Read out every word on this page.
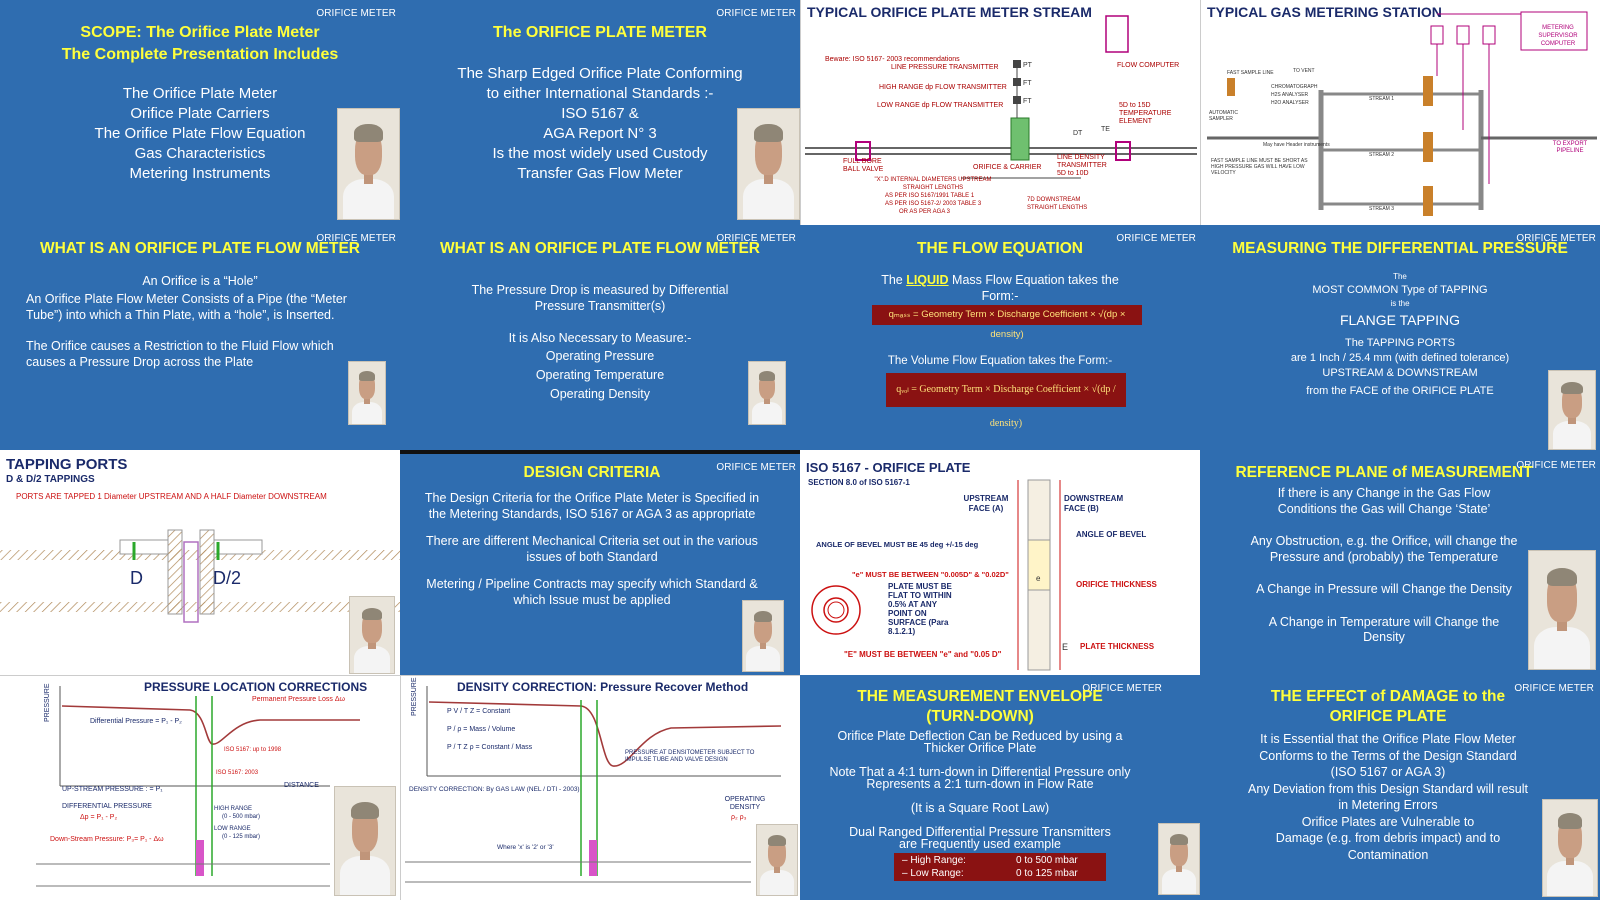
ORIFICE METER
SCOPE: The Orifice Plate Meter
The Complete Presentation Includes
The Orifice Plate Meter
Orifice Plate Carriers
The Orifice Plate Flow Equation
Gas Characteristics
Metering Instruments
ORIFICE METER
The ORIFICE PLATE METER
The Sharp Edged Orifice Plate Conforming
to either International Standards :-
ISO 5167 &
AGA Report N° 3
Is the most widely used Custody
Transfer Gas Flow Meter
TYPICAL ORIFICE PLATE METER STREAM
Beware: ISO 5167- 2003 recommendations
LINE PRESSURE TRANSMITTER
HIGH RANGE dp FLOW TRANSMITTER
LOW RANGE dp FLOW TRANSMITTER
PT
FT
FT
DT
TE
FLOW COMPUTER
5D to 15D TEMPERATURE ELEMENT
FULL BORE BALL VALVE	ORIFICE & CARRIER
LINE DENSITY TRANSMITTER 5D to 10D
"X".D INTERNAL DIAMETERS UPSTREAM STRAIGHT LENGTHS
AS PER ISO 5167/1991 TABLE 1
AS PER ISO 5167-2/ 2003 TABLE 3
OR AS PER AGA 3
7D DOWNSTREAM STRAIGHT LENGTHS
TYPICAL GAS METERING STATION
METERING SUPERVISOR COMPUTER
FAST SAMPLE LINE	TO VENT
CHROMATOGRAPH
H2S ANALYSER
H2O ANALYSER
AUTOMATIC SAMPLER
STREAM 1
STREAM 2
STREAM 3
TO EXPORT PIPELINE
FAST SAMPLE LINE MUST BE SHORT AS HIGH PRESSURE GAS WILL HAVE LOW VELOCITY
May have Header instruments
ORIFICE METER
WHAT IS AN ORIFICE PLATE FLOW METER
An Orifice is a “Hole”
An Orifice Plate Flow Meter Consists of a Pipe (the “Meter
Tube”) into which a Thin Plate, with a “hole”, is Inserted.
The Orifice causes a Restriction to the Fluid Flow which
causes a Pressure Drop across the Plate
ORIFICE METER
WHAT IS AN ORIFICE PLATE FLOW METER
The Pressure Drop is measured by Differential
Pressure Transmitter(s)
It is Also Necessary to Measure:-
Operating Pressure
Operating Temperature
Operating Density
ORIFICE METER
THE FLOW EQUATION
The LIQUID Mass Flow Equation takes the
Form:-
qₘₐₛₛ = Geometry Term × Discharge Coefficient × √(dp × density)
The Volume Flow Equation takes the Form:-
qᵥₒₗ = Geometry Term × Discharge Coefficient × √(dp / density)
ORIFICE METER
MEASURING THE DIFFERENTIAL PRESSURE
The
MOST COMMON Type of TAPPING
is the
FLANGE TAPPING
The TAPPING PORTS
are 1 Inch / 25.4 mm (with defined tolerance)
UPSTREAM & DOWNSTREAM
from the FACE of the ORIFICE PLATE
TAPPING PORTS
D & D/2 TAPPINGS
PORTS ARE TAPPED 1 Diameter UPSTREAM AND A HALF Diameter DOWNSTREAM
D	D/2
ORIFICE METER
DESIGN CRITERIA
The Design Criteria for the Orifice Plate Meter is Specified in
the Metering Standards, ISO 5167 or AGA 3 as appropriate
There are different Mechanical Criteria set out in the various
issues of both Standard
Metering / Pipeline Contracts may specify which Standard &
which Issue must be applied
ISO 5167 - ORIFICE PLATE
SECTION 8.0 of ISO 5167-1
UPSTREAM FACE (A)
DOWNSTREAM FACE (B)
ANGLE OF BEVEL MUST BE 45 deg +/-15 deg
ANGLE OF BEVEL
"e" MUST BE BETWEEN "0.005D" & "0.02D"
PLATE MUST BE FLAT TO WITHIN 0.5% AT ANY POINT ON SURFACE (Para 8.1.2.1)
ORIFICE THICKNESS
"E" MUST BE BETWEEN "e" and "0.05 D"
PLATE THICKNESS
e
E
ORIFICE METER
REFERENCE PLANE of MEASUREMENT
If there is any Change in the Gas Flow
Conditions the Gas will Change ‘State’
Any Obstruction, e.g. the Orifice, will change the
Pressure and (probably) the Temperature
A Change in Pressure will Change the Density
A Change in Temperature will Change the
Density
PRESSURE LOCATION CORRECTIONS
PRESSURE	Permanent Pressure Loss Δω
Differential Pressure = P₁ - P₂
ISO 5167: up to 1998
ISO 5167: 2003
DISTANCE
UP-STREAM PRESSURE : = P₁
DIFFERENTIAL PRESSURE
Δp = P₁ - P₂
HIGH RANGE
(0 - 500 mbar)
LOW RANGE
(0 - 125 mbar)
Down-Stream Pressure: P₃= P₁ - Δω
DENSITY CORRECTION: Pressure Recover Method
PRESSURE	P V / T Z = Constant
P / ρ = Mass / Volume
P / T Z ρ = Constant / Mass
PRESSURE AT DENSITOMETER SUBJECT TO IMPULSE TUBE AND VALVE DESIGN
DENSITY CORRECTION: By GAS LAW (NEL / DTI - 2003)
Where 'x' is '2' or '3'
OPERATING DENSITY
ρ₂ ρ₃
ORIFICE METER
THE MEASUREMENT ENVELOPE
(TURN-DOWN)
Orifice Plate Deflection Can be Reduced by using a
Thicker Orifice Plate
Note That a 4:1 turn-down in Differential Pressure only
Represents a 2:1 turn-down in Flow Rate
(It is a Square Root Law)
Dual Ranged Differential Pressure Transmitters
are Frequently used example
– High Range:	0 to 500 mbar
– Low Range:	0 to 125 mbar
ORIFICE METER
THE EFFECT of DAMAGE to the
ORIFICE PLATE
It is Essential that the Orifice Plate Flow Meter
Conforms to the Terms of the Design Standard
(ISO 5167 or AGA 3)
Any Deviation from this Design Standard will result
in Metering Errors
Orifice Plates are Vulnerable to
Damage (e.g. from debris impact) and to
Contamination
